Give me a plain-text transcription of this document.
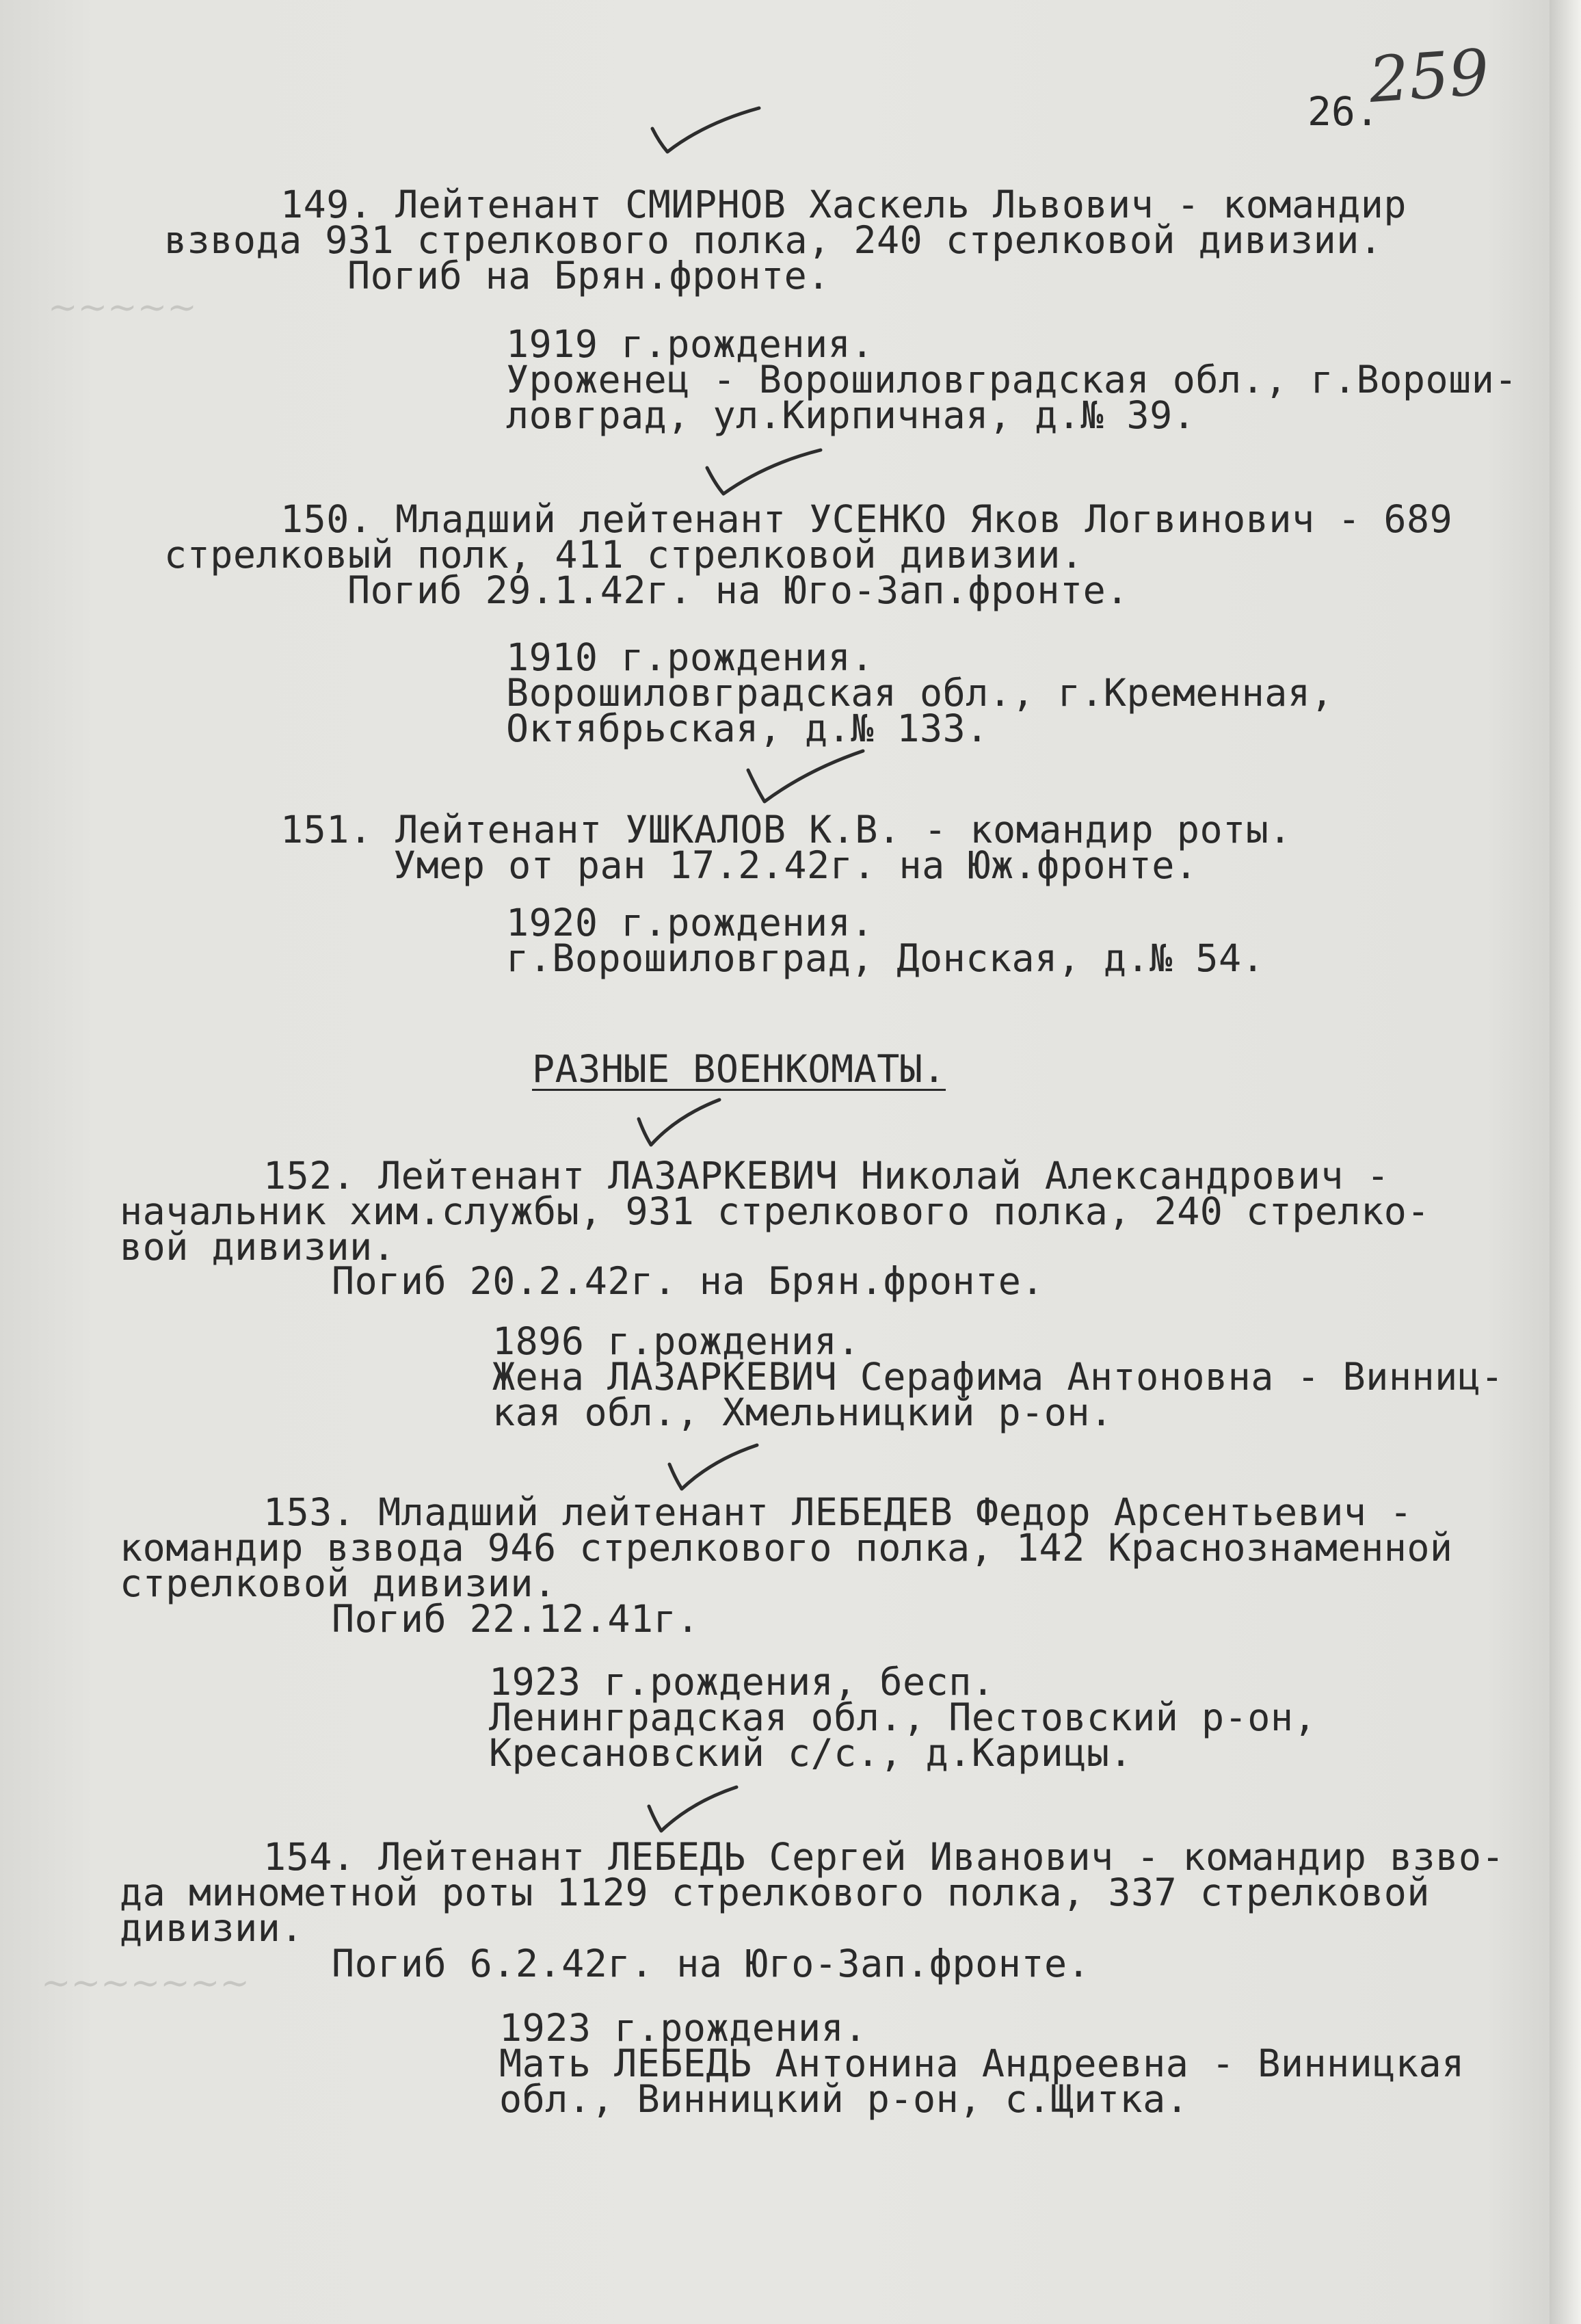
~~~~~
~~~~~~~
26.
259
149. Лейтенант СМИРНОВ Хаскель Львович - командир
взвода 931 стрелкового полка, 240 стрелковой дивизии.
Погиб на Брян.фронте.
1919 г.рождения.
Уроженец - Ворошиловградская обл., г.Вороши-
ловград, ул.Кирпичная, д.№ 39.
150. Младший лейтенант УСЕНКО Яков Логвинович - 689
стрелковый полк, 411 стрелковой дивизии.
Погиб 29.1.42г. на Юго-Зап.фронте.
1910 г.рождения.
Ворошиловградская обл., г.Кременная,
Октябрьская, д.№ 133.
151. Лейтенант УШКАЛОВ К.В. - командир роты.
Умер от ран 17.2.42г. на Юж.фронте.
1920 г.рождения.
г.Ворошиловград, Донская, д.№ 54.
РАЗНЫЕ ВОЕНКОМАТЫ.
152. Лейтенант ЛАЗАРКЕВИЧ Николай Александрович -
начальник хим.службы, 931 стрелкового полка, 240 стрелко-
вой дивизии.
Погиб 20.2.42г. на Брян.фронте.
1896 г.рождения.
Жена ЛАЗАРКЕВИЧ Серафима Антоновна - Винниц-
кая обл., Хмельницкий р-он.
153. Младший лейтенант ЛЕБЕДЕВ Федор Арсентьевич -
командир взвода 946 стрелкового полка, 142 Краснознаменной
стрелковой дивизии.
Погиб 22.12.41г.
1923 г.рождения, бесп.
Ленинградская обл., Пестовский р-он,
Кресановский с/с., д.Карицы.
154. Лейтенант ЛЕБЕДЬ Сергей Иванович - командир взво-
да минометной роты 1129 стрелкового полка, 337 стрелковой
дивизии.
Погиб 6.2.42г. на Юго-Зап.фронте.
1923 г.рождения.
Мать ЛЕБЕДЬ Антонина Андреевна - Винницкая
обл., Винницкий р-он, с.Щитка.
